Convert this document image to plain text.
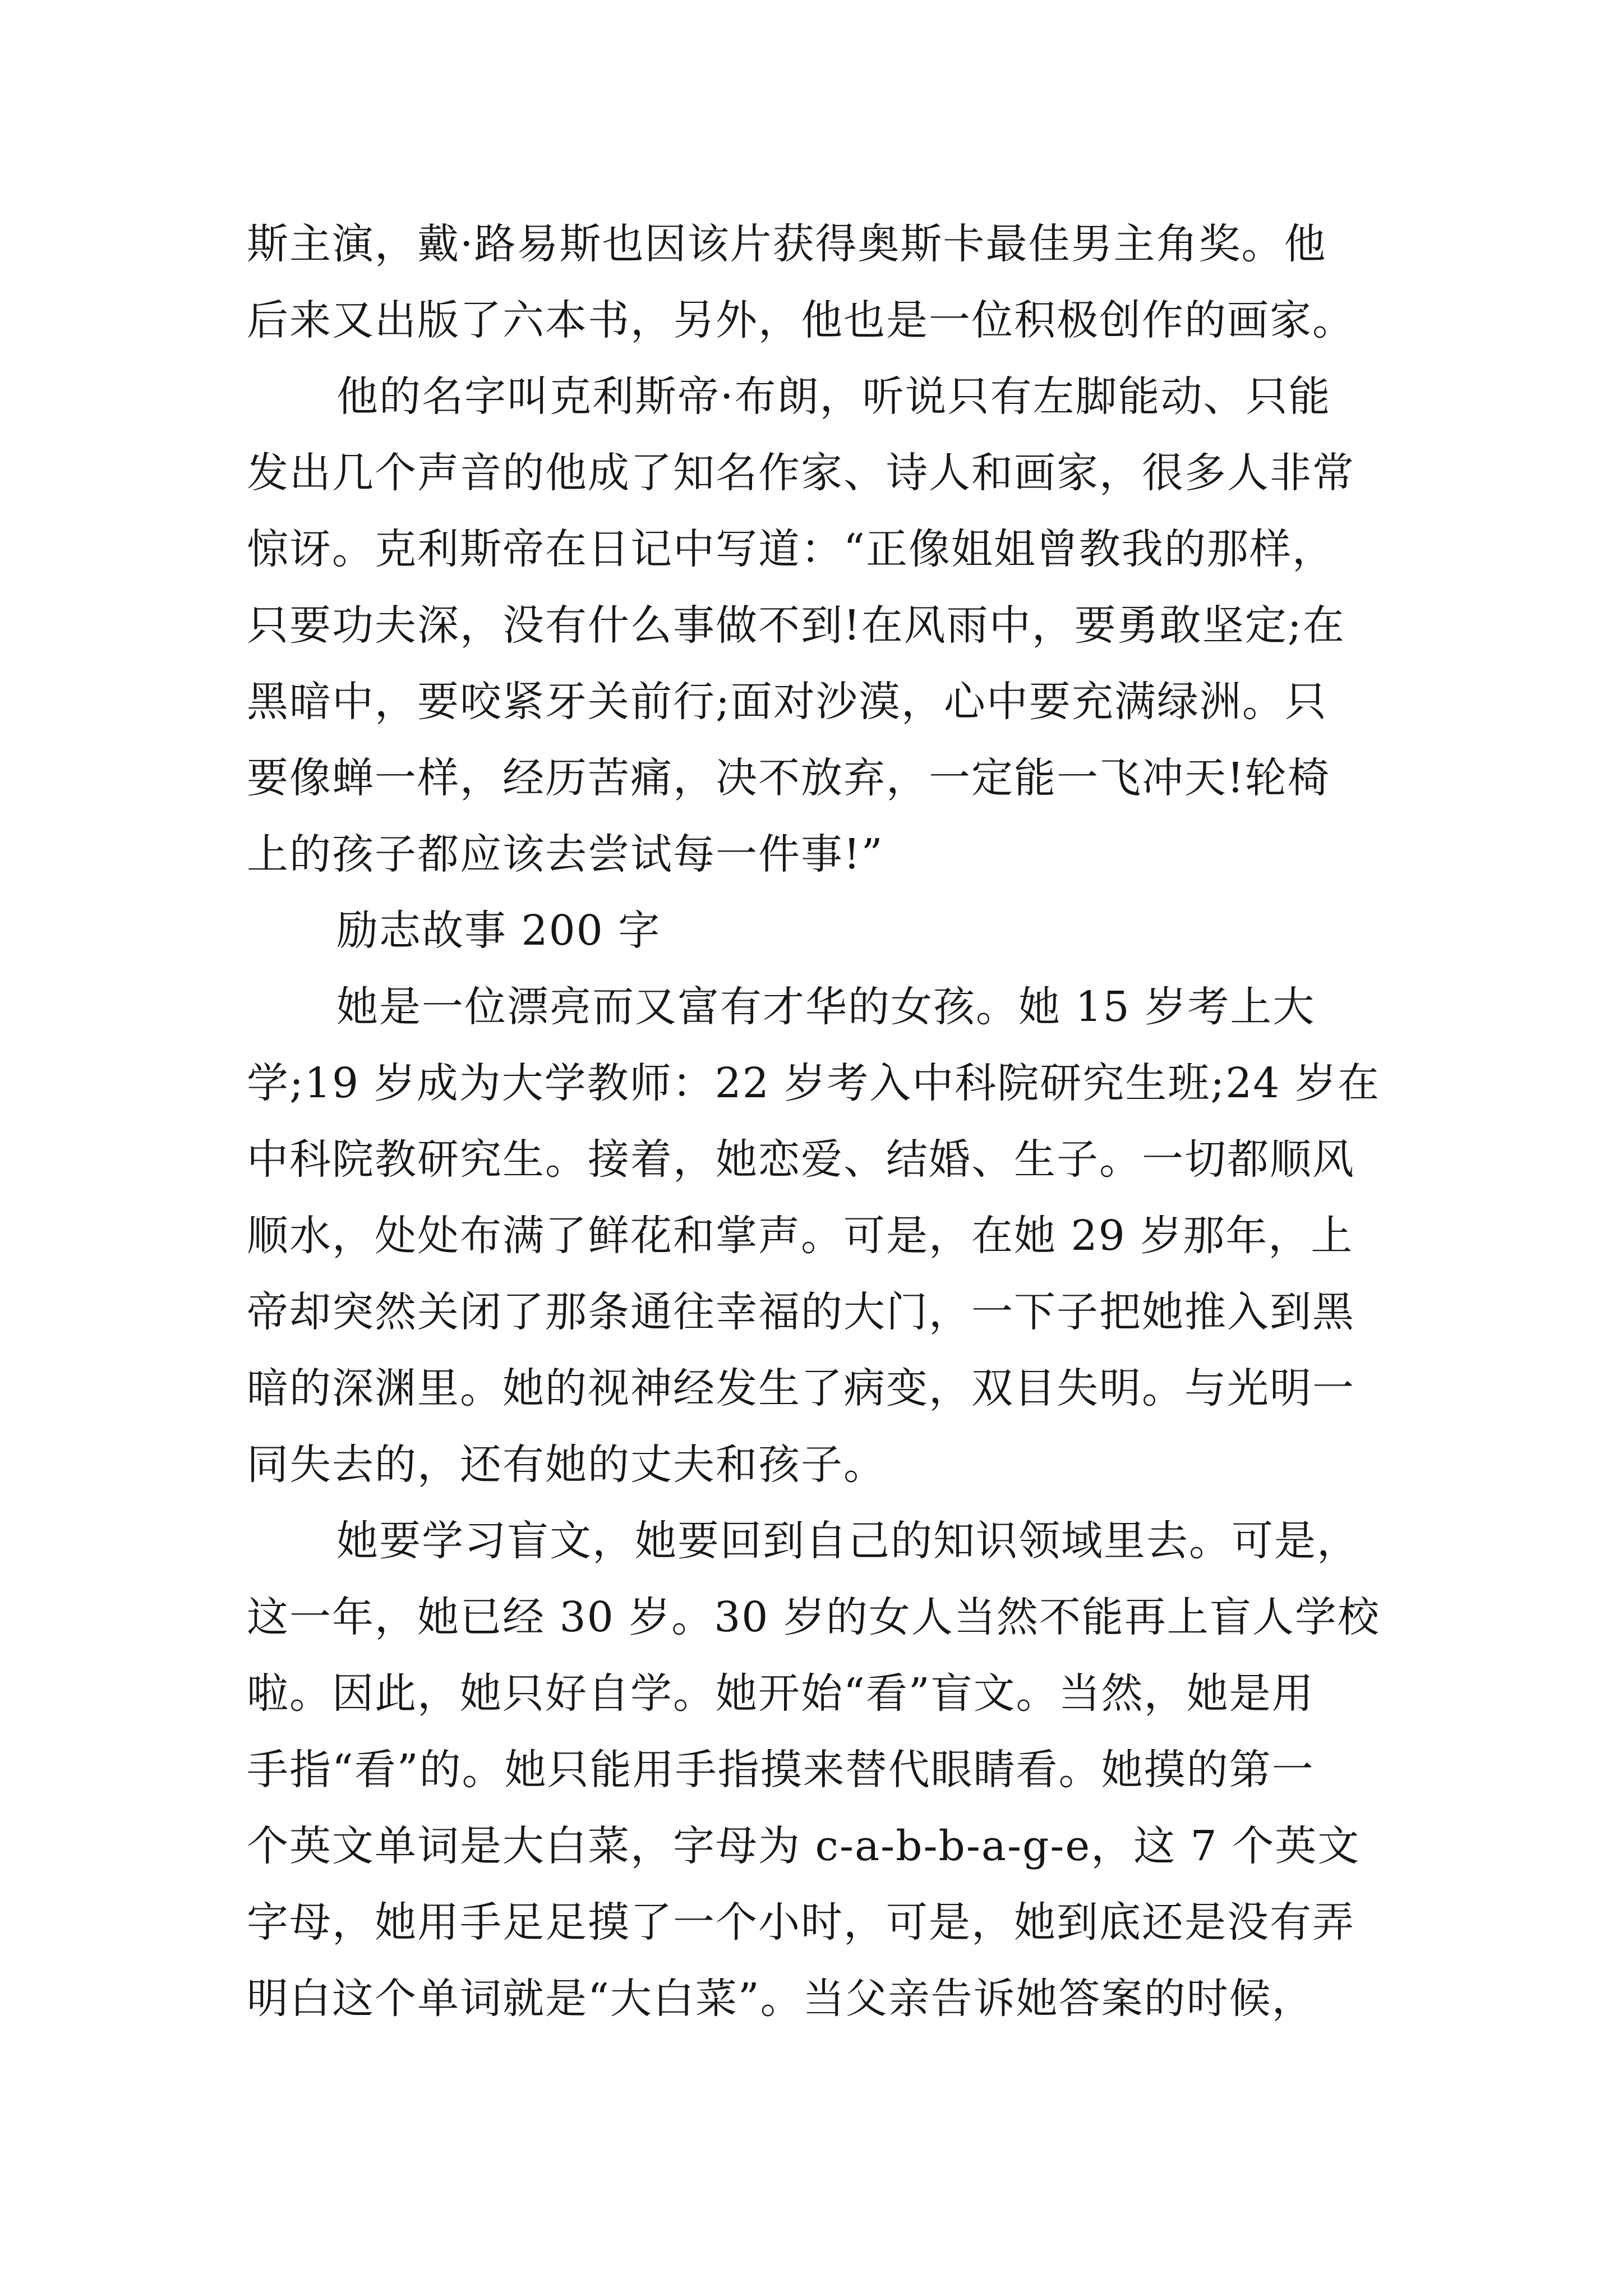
斯主演，戴·路易斯也因该片获得奥斯卡最佳男主角奖。他
后来又出版了六本书，另外，他也是一位积极创作的画家。
他的名字叫克利斯帝·布朗，听说只有左脚能动、只能
发出几个声音的他成了知名作家、诗人和画家，很多人非常
惊讶。克利斯帝在日记中写道：“正像姐姐曾教我的那样，
只要功夫深，没有什么事做不到!在风雨中，要勇敢坚定;在
黑暗中，要咬紧牙关前行;面对沙漠，心中要充满绿洲。只
要像蝉一样，经历苦痛，决不放弃，一定能一飞冲天!轮椅
上的孩子都应该去尝试每一件事!”
励志故事 200 字
她是一位漂亮而又富有才华的女孩。她 15 岁考上大
学;19 岁成为大学教师：22 岁考入中科院研究生班;24 岁在
中科院教研究生。接着，她恋爱、结婚、生子。一切都顺风
顺水，处处布满了鲜花和掌声。可是，在她 29 岁那年，上
帝却突然关闭了那条通往幸福的大门，一下子把她推入到黑
暗的深渊里。她的视神经发生了病变，双目失明。与光明一
同失去的，还有她的丈夫和孩子。
她要学习盲文，她要回到自己的知识领域里去。可是，
这一年，她已经 30 岁。30 岁的女人当然不能再上盲人学校
啦。因此，她只好自学。她开始“看”盲文。当然，她是用
手指“看”的。她只能用手指摸来替代眼睛看。她摸的第一
个英文单词是大白菜，字母为 c-a-b-b-a-g-e，这 7 个英文
字母，她用手足足摸了一个小时，可是，她到底还是没有弄
明白这个单词就是“大白菜”。当父亲告诉她答案的时候，
